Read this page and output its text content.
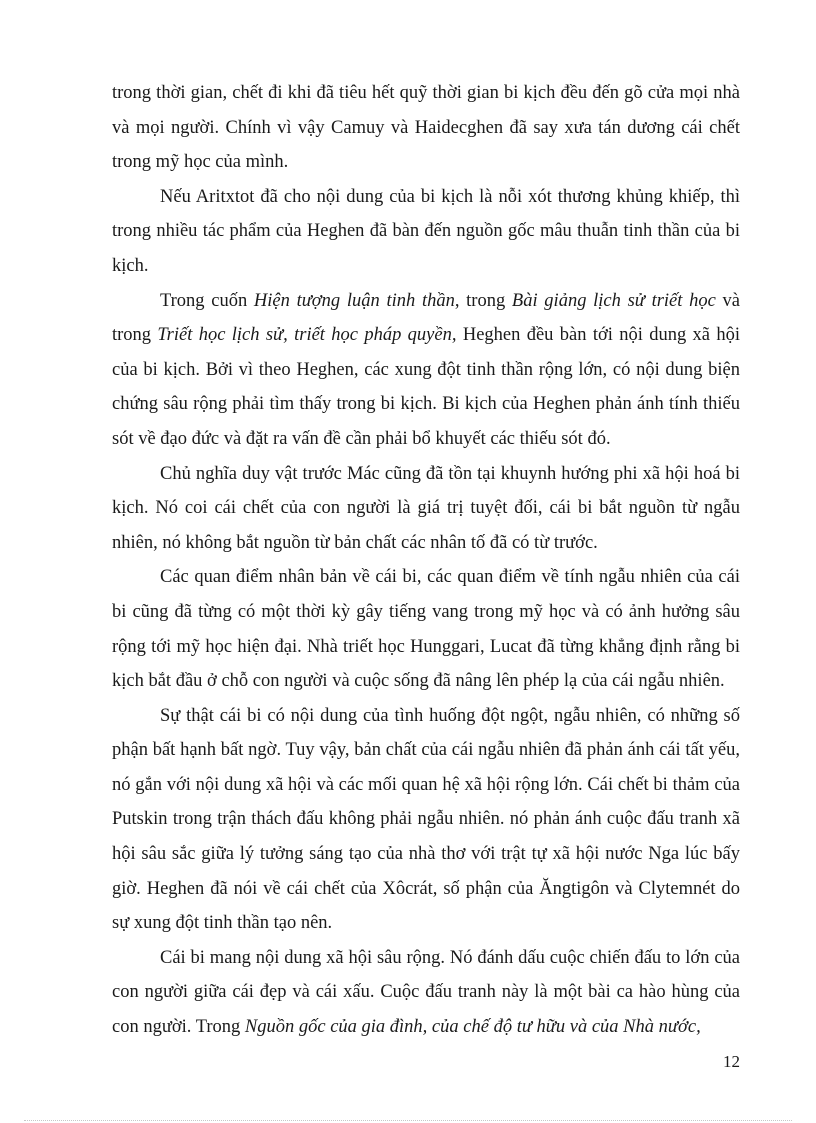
trong thời gian, chết đi khi đã tiêu hết quỹ thời gian bi kịch đều đến gõ cửa mọi nhà và mọi người. Chính vì vậy Camuy và Haidecghen đã say xưa tán dương cái chết trong mỹ học của mình.

Nếu Aritxtot đã cho nội dung của bi kịch là nỗi xót thương khủng khiếp, thì trong nhiều tác phẩm của Heghen đã bàn đến nguồn gốc mâu thuẫn tinh thần của bi kịch.

Trong cuốn Hiện tượng luận tinh thần, trong Bài giảng lịch sử triết học và trong Triết học lịch sử, triết học pháp quyền, Heghen đều bàn tới nội dung xã hội của bi kịch. Bởi vì theo Heghen, các xung đột tinh thần rộng lớn, có nội dung biện chứng sâu rộng phải tìm thấy trong bi kịch. Bi kịch của Heghen phản ánh tính thiếu sót về đạo đức và đặt ra vấn đề cần phải bổ khuyết các thiếu sót đó.

Chủ nghĩa duy vật trước Mác cũng đã tồn tại khuynh hướng phi xã hội hoá bi kịch. Nó coi cái chết của con người là giá trị tuyệt đối, cái bi bắt nguồn từ ngẫu nhiên, nó không bắt nguồn từ bản chất các nhân tố đã có từ trước.

Các quan điểm nhân bản về cái bi, các quan điểm về tính ngẫu nhiên của cái bi cũng đã từng có một thời kỳ gây tiếng vang trong mỹ học và có ảnh hưởng sâu rộng tới mỹ học hiện đại. Nhà triết học Hunggari, Lucat đã từng khẳng định rằng bi kịch bắt đầu ở chỗ con người và cuộc sống đã nâng lên phép lạ của cái ngẫu nhiên.

Sự thật cái bi có nội dung của tình huống đột ngột, ngẫu nhiên, có những số phận bất hạnh bất ngờ. Tuy vậy, bản chất của cái ngẫu nhiên đã phản ánh cái tất yếu, nó gắn với nội dung xã hội và các mối quan hệ xã hội rộng lớn. Cái chết bi thảm của Putskin trong trận thách đấu không phải ngẫu nhiên. nó phản ánh cuộc đấu tranh xã hội sâu sắc giữa lý tưởng sáng tạo của nhà thơ với trật tự xã hội nước Nga lúc bấy giờ. Heghen đã nói về cái chết của Xôcrát, số phận của Ăngtigôn và Clytemnét do sự xung đột tinh thần tạo nên.

Cái bi mang nội dung xã hội sâu rộng. Nó đánh dấu cuộc chiến đấu to lớn của con người giữa cái đẹp và cái xấu. Cuộc đấu tranh này là một bài ca hào hùng của con người. Trong Nguồn gốc của gia đình, của chế độ tư hữu và của Nhà nước,

12
